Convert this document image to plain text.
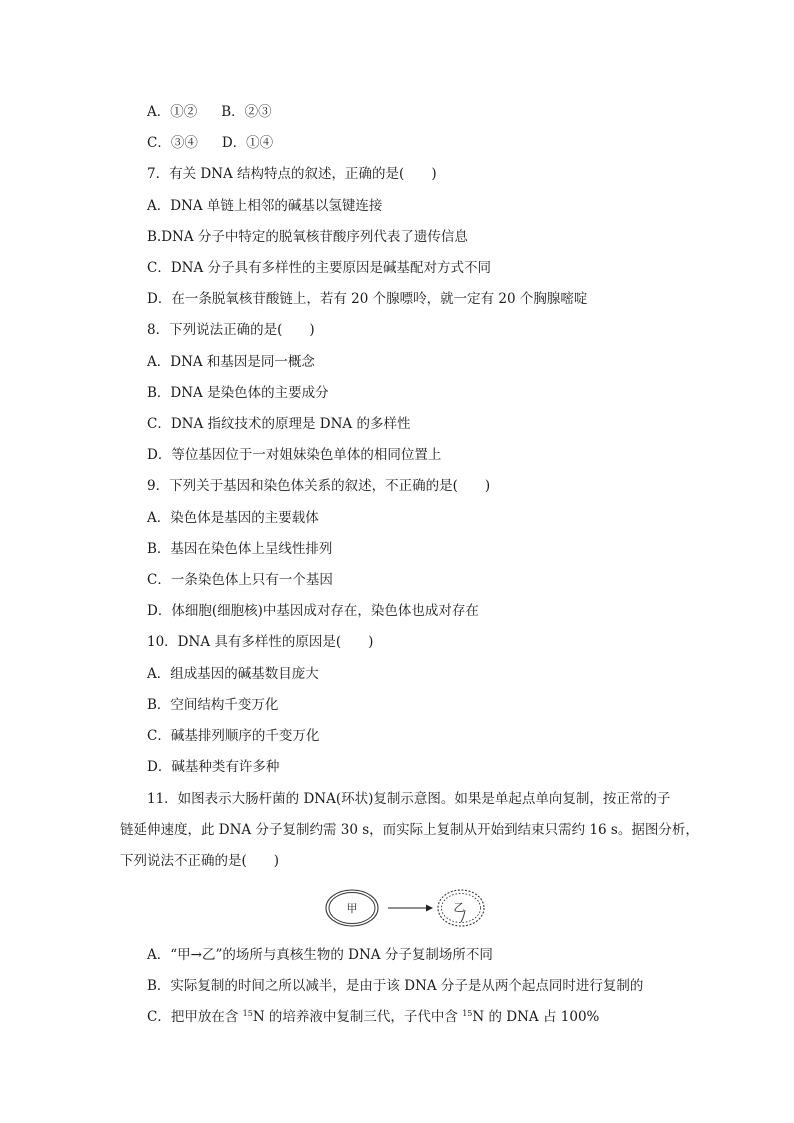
A．①② B．②③
C．③④ D．①④
7．有关 DNA 结构特点的叙述，正确的是(　　)
A．DNA 单链上相邻的碱基以氢键连接
B.DNA 分子中特定的脱氧核苷酸序列代表了遗传信息
C．DNA 分子具有多样性的主要原因是碱基配对方式不同
D．在一条脱氧核苷酸链上，若有 20 个腺嘌呤，就一定有 20 个胸腺嘧啶
8．下列说法正确的是(　　)
A．DNA 和基因是同一概念
B．DNA 是染色体的主要成分
C．DNA 指纹技术的原理是 DNA 的多样性
D．等位基因位于一对姐妹染色单体的相同位置上
9．下列关于基因和染色体关系的叙述，不正确的是(　　)
A．染色体是基因的主要载体
B．基因在染色体上呈线性排列
C．一条染色体上只有一个基因
D．体细胞(细胞核)中基因成对存在，染色体也成对存在
10．DNA 具有多样性的原因是(　　)
A．组成基因的碱基数目庞大
B．空间结构千变万化
C．碱基排列顺序的千变万化
D．碱基种类有许多种
11．如图表示大肠杆菌的 DNA(环状)复制示意图。如果是单起点单向复制，按正常的子
链延伸速度，此 DNA 分子复制约需 30 s，而实际上复制从开始到结束只需约 16 s。据图分析，
下列说法不正确的是(　　)
甲	乙
A．“甲→乙”的场所与真核生物的 DNA 分子复制场所不同
B．实际复制的时间之所以减半，是由于该 DNA 分子是从两个起点同时进行复制的
C．把甲放在含 $^{15}$N 的培养液中复制三代，子代中含 $^{15}$N 的 DNA 占 100%
